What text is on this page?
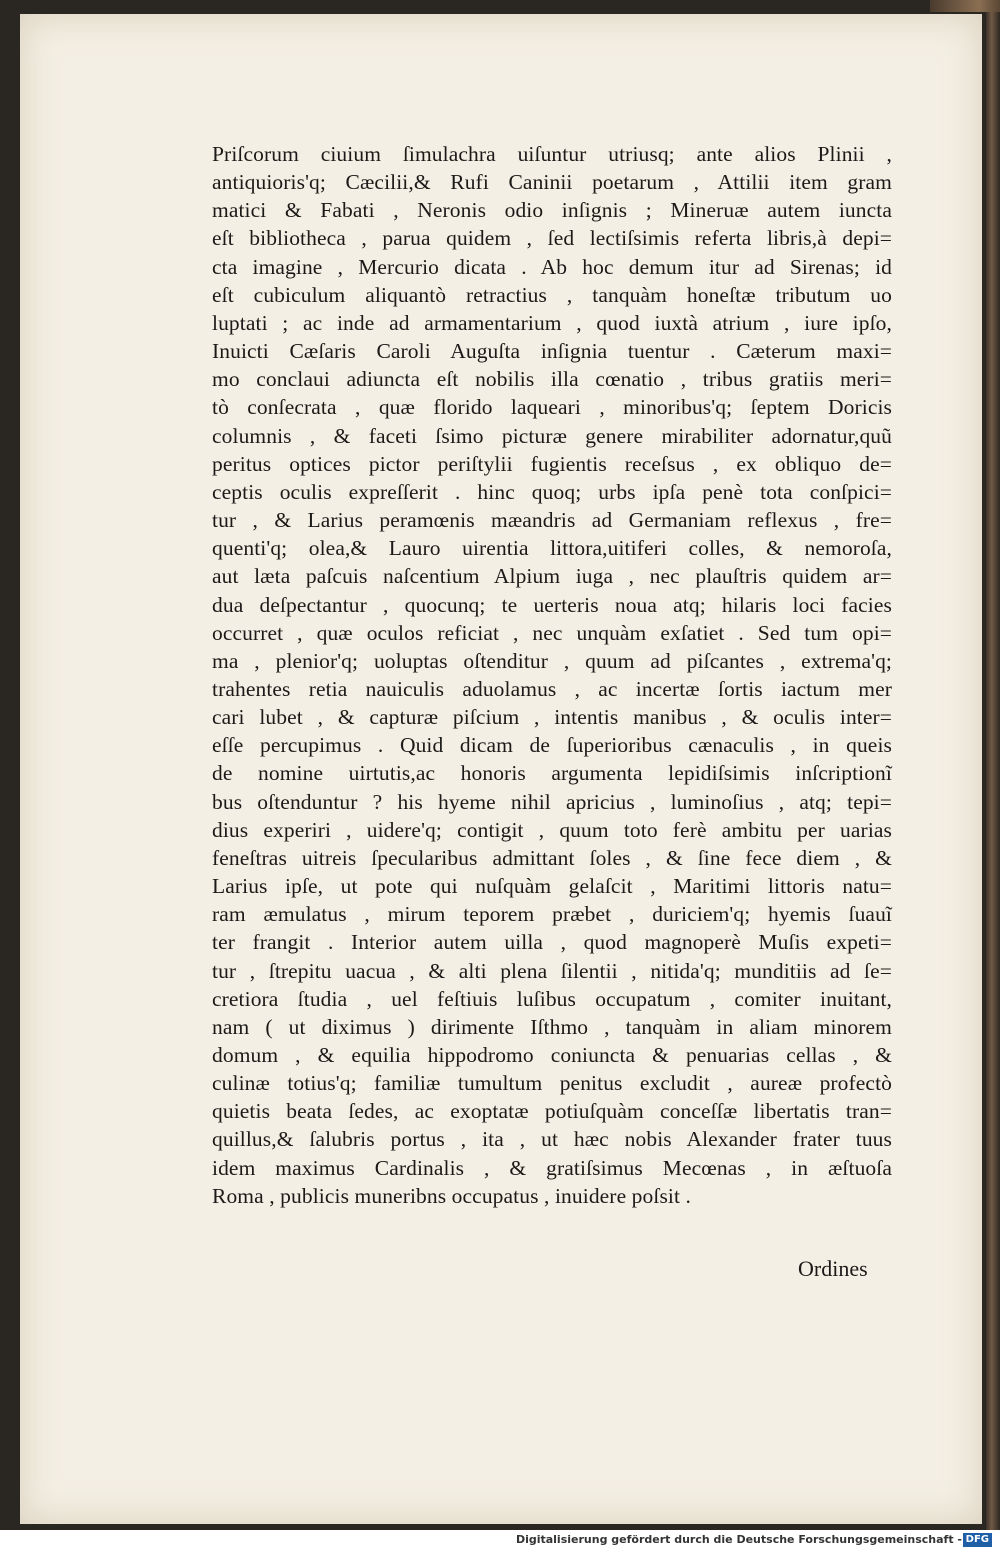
Priſcorum ciuium ſimulachra uiſuntur utriusq; ante alios Plinii ,
antiquioris'q; Cæcilii,& Rufi Caninii poetarum , Attilii item gram
matici & Fabati , Neronis odio inſignis ; Mineruæ autem iuncta
eſt bibliotheca , parua quidem , ſed lectiſsimis referta libris,à depi=
cta imagine , Mercurio dicata . Ab hoc demum itur ad Sirenas; id
eſt cubiculum aliquantò retractius , tanquàm honeſtæ tributum uo
luptati ; ac inde ad armamentarium , quod iuxtà atrium , iure ipſo,
Inuicti Cæſaris Caroli Auguſta inſignia tuentur . Cæterum maxi=
mo conclaui adiuncta eſt nobilis illa cœnatio , tribus gratiis meri=
tò conſecrata , quæ florido laqueari , minoribus'q; ſeptem Doricis
columnis , & faceti ſsimo picturæ genere mirabiliter adornatur,quũ
peritus optices pictor periſtylii fugientis receſsus , ex obliquo de=
ceptis oculis expreſſerit . hinc quoq; urbs ipſa penè tota conſpici=
tur , & Larius peramœnis mæandris ad Germaniam reflexus , fre=
quenti'q; olea,& Lauro uirentia littora,uitiferi colles, & nemoroſa,
aut læta paſcuis naſcentium Alpium iuga , nec plauſtris quidem ar=
dua deſpectantur , quocunq; te uerteris noua atq; hilaris loci facies
occurret , quæ oculos reficiat , nec unquàm exſatiet . Sed tum opi=
ma , plenior'q; uoluptas oſtenditur , quum ad piſcantes , extrema'q;
trahentes retia nauiculis aduolamus , ac incertæ ſortis iactum mer
cari lubet , & capturæ piſcium , intentis manibus , & oculis inter=
eſſe percupimus . Quid dicam de ſuperioribus cænaculis , in queis
de nomine uirtutis,ac honoris argumenta lepidiſsimis inſcriptionĩ
bus oſtenduntur ? his hyeme nihil apricius , luminoſius , atq; tepi=
dius experiri , uidere'q; contigit , quum toto ferè ambitu per uarias
feneſtras uitreis ſpecularibus admittant ſoles , & ſine fece diem , &
Larius ipſe, ut pote qui nuſquàm gelaſcit , Maritimi littoris natu=
ram æmulatus , mirum teporem præbet , duriciem'q; hyemis ſuauĩ
ter frangit . Interior autem uilla , quod magnoperè Muſis expeti=
tur , ſtrepitu uacua , & alti plena ſilentii , nitida'q; munditiis ad ſe=
cretiora ſtudia , uel feſtiuis luſibus occupatum , comiter inuitant,
nam ( ut diximus ) dirimente Iſthmo , tanquàm in aliam minorem
domum , & equilia hippodromo coniuncta & penuarias cellas , &
culinæ totius'q; familiæ tumultum penitus excludit , aureæ profectò
quietis beata ſedes, ac exoptatæ potiuſquàm conceſſæ libertatis tran=
quillus,& ſalubris portus , ita , ut hæc nobis Alexander frater tuus
idem maximus Cardinalis , & gratiſsimus Mecœnas , in æſtuoſa
Roma , publicis muneribns occupatus , inuidere poſsit .
Ordines
Digitalisierung gefördert durch die Deutsche Forschungsgemeinschaft - DFG
